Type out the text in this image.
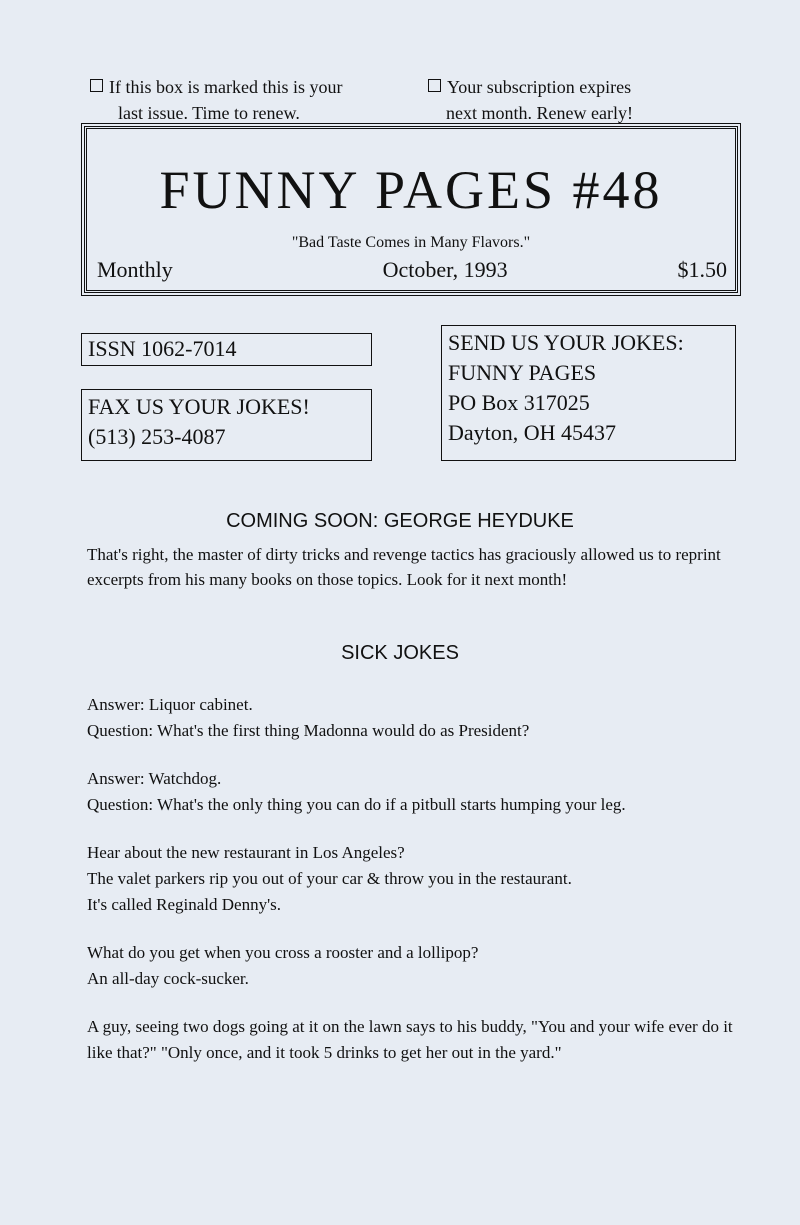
If this box is marked this is your
last issue. Time to renew.
Your subscription expires
next month. Renew early!
FUNNY PAGES #48
"Bad Taste Comes in Many Flavors."
Monthly	October, 1993	$1.50
ISSN 1062-7014
FAX US YOUR JOKES!
(513) 253-4087
SEND US YOUR JOKES:
FUNNY PAGES
PO Box 317025
Dayton, OH 45437
COMING SOON: GEORGE HEYDUKE
That's right, the master of dirty tricks and revenge tactics has graciously allowed us to reprint excerpts from his many books on those topics. Look for it next month!
SICK JOKES
Answer: Liquor cabinet.
Question: What's the first thing Madonna would do as President?
Answer: Watchdog.
Question: What's the only thing you can do if a pitbull starts humping your leg.
Hear about the new restaurant in Los Angeles?
The valet parkers rip you out of your car & throw you in the restaurant.
It's called Reginald Denny's.
What do you get when you cross a rooster and a lollipop?
An all-day cock-sucker.
A guy, seeing two dogs going at it on the lawn says to his buddy, "You and your wife ever do it like that?" "Only once, and it took 5 drinks to get her out in the yard."
